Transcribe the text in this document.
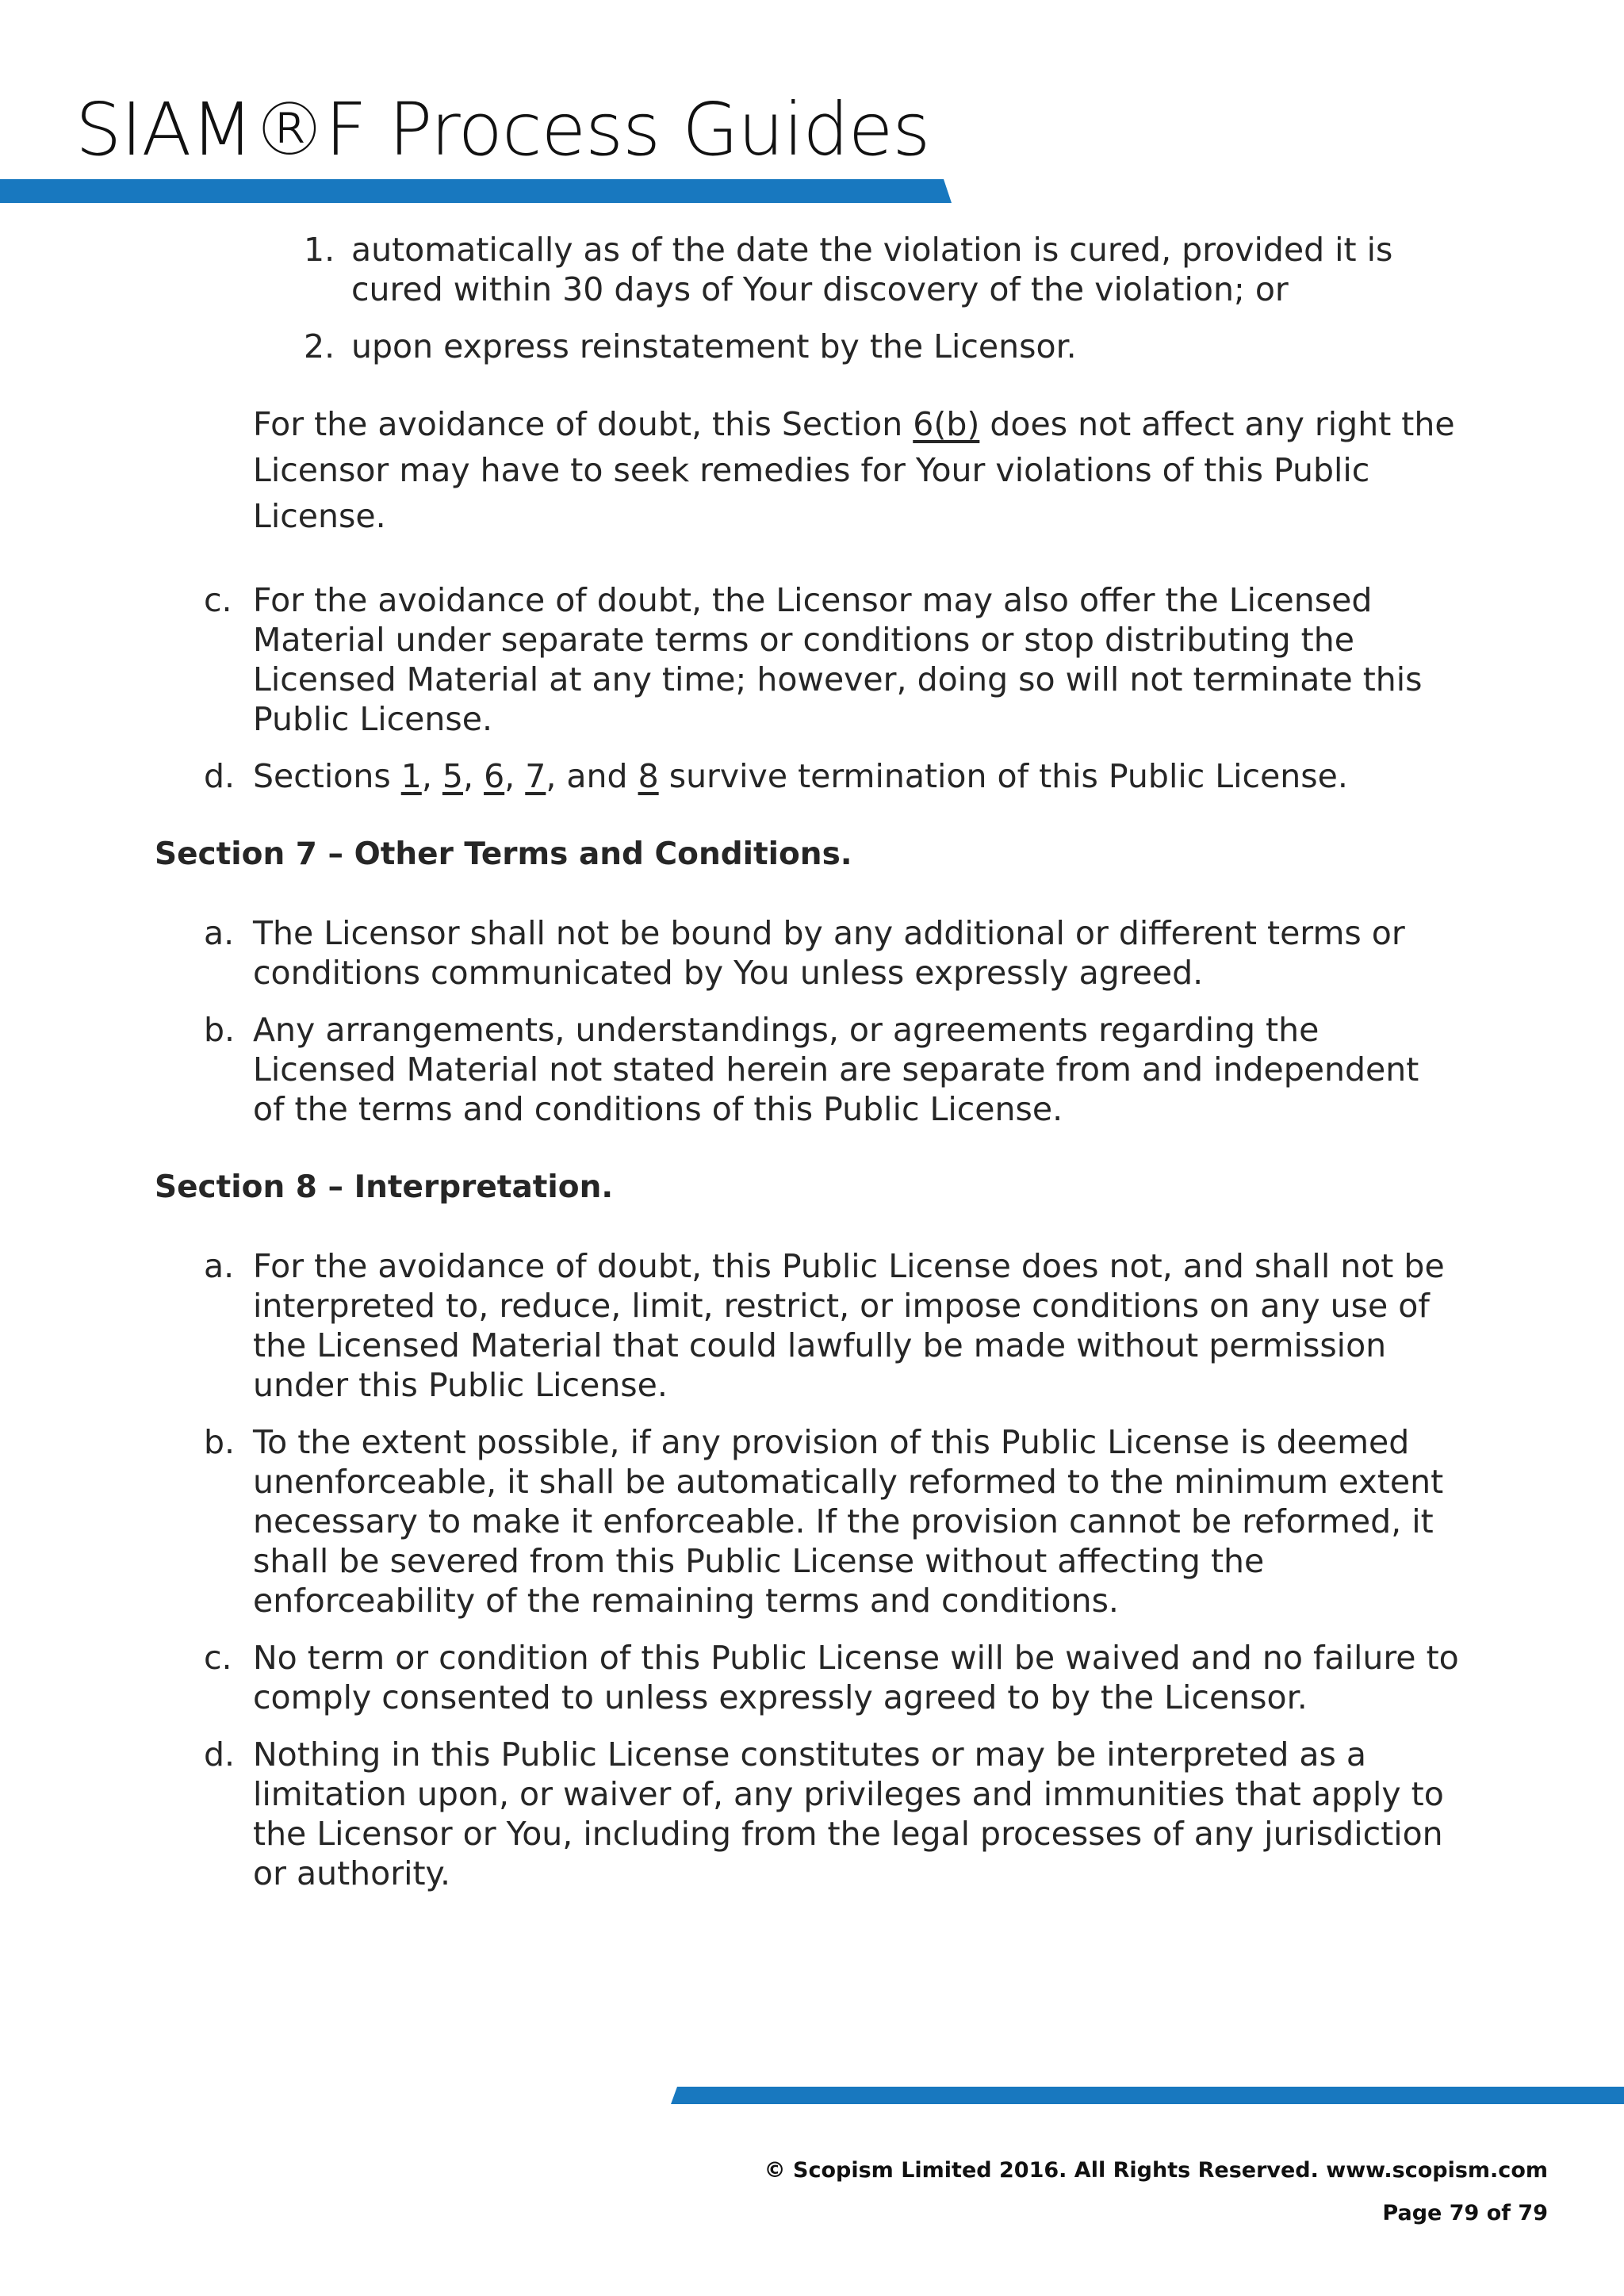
SIAM®F Process Guides
1. automatically as of the date the violation is cured, provided it is

cured within 30 days of Your discovery of the violation; or

2. upon express reinstatement by the Licensor.

For the avoidance of doubt, this Section 6(b) does not affect any right the

Licensor may have to seek remedies for Your violations of this Public

License.

c. For the avoidance of doubt, the Licensor may also offer the Licensed

Material under separate terms or conditions or stop distributing the

Licensed Material at any time; however, doing so will not terminate this

Public License.

d. Sections 1, 5, 6, 7, and 8 survive termination of this Public License.

Section 7 – Other Terms and Conditions.
a. The Licensor shall not be bound by any additional or different terms or

conditions communicated by You unless expressly agreed.

b. Any arrangements, understandings, or agreements regarding the

Licensed Material not stated herein are separate from and independent

of the terms and conditions of this Public License.

Section 8 – Interpretation.
a. For the avoidance of doubt, this Public License does not, and shall not be

interpreted to, reduce, limit, restrict, or impose conditions on any use of

the Licensed Material that could lawfully be made without permission

under this Public License.

b. To the extent possible, if any provision of this Public License is deemed

unenforceable, it shall be automatically reformed to the minimum extent

necessary to make it enforceable. If the provision cannot be reformed, it

shall be severed from this Public License without affecting the

enforceability of the remaining terms and conditions.

c. No term or condition of this Public License will be waived and no failure to

comply consented to unless expressly agreed to by the Licensor.

d. Nothing in this Public License constitutes or may be interpreted as a

limitation upon, or waiver of, any privileges and immunities that apply to

the Licensor or You, including from the legal processes of any jurisdiction

or authority.

© Scopism Limited 2016. All Rights Reserved. www.scopism.com
Page 79 of 79
